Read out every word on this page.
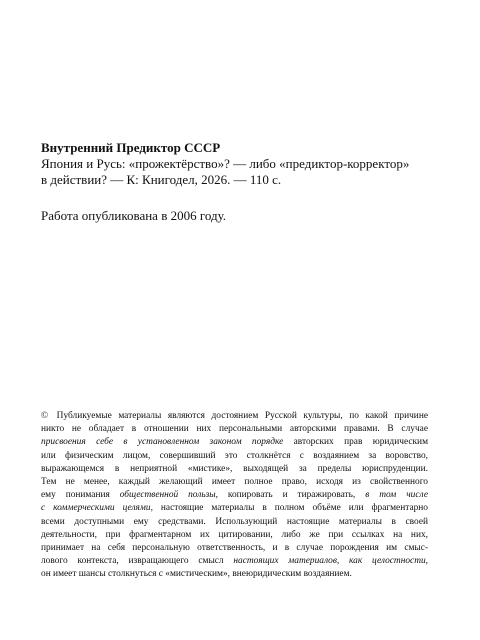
Внутренний Предиктор СССР

Япония и Русь: «прожектёрство»? — либо «предиктор-корректор»

в действии? — К: Книгодел, 2026. — 110 с.

Работа опубликована в 2006 году.

© Публикуемые материалы являются достоянием Русской культуры, по какой причине
никто не обладает в отношении них персональными авторскими правами. В случае
присвоения себе в установленном законом порядке авторских прав юридическим
или физическим лицом, совершивший это столкнётся с воздаянием за воровство,
выражающемся в неприятной «мистике», выходящей за пределы юриспруденции.
Тем не менее, каждый желающий имеет полное право, исходя из свойственного
ему понимания общественной пользы, копировать и тиражировать, в том числе
с коммерческими целями, настоящие материалы в полном объёме или фрагментарно
всеми доступными ему средствами. Использующий настоящие материалы в своей
деятельности, при фрагментарном их цитировании, либо же при ссылках на них,
принимает на себя персональную ответственность, и в случае порождения им смыс-
лового контекста, извращающего смысл настоящих материалов, как целостности,
он имеет шансы столкнуться с «мистическим», внеюридическим воздаянием.
